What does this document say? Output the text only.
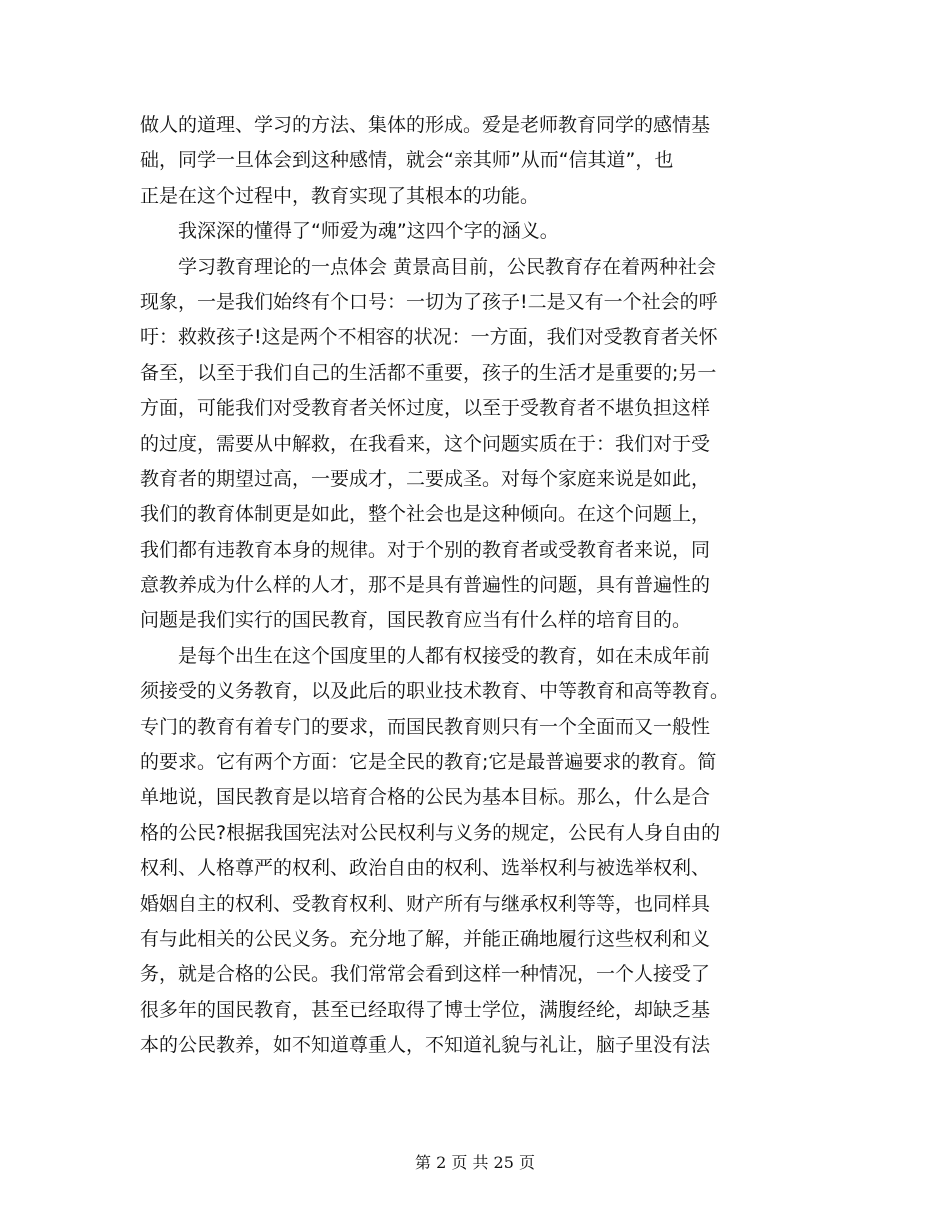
做人的道理、学习的方法、集体的形成。爱是老师教育同学的感情基
础，同学一旦体会到这种感情，就会“亲其师”从而“信其道”，也
正是在这个过程中，教育实现了其根本的功能。
　　我深深的懂得了“师爱为魂”这四个字的涵义。
　　学习教育理论的一点体会 黄景高目前，公民教育存在着两种社会
现象，一是我们始终有个口号：一切为了孩子!二是又有一个社会的呼
吁：救救孩子!这是两个不相容的状况：一方面，我们对受教育者关怀
备至，以至于我们自己的生活都不重要，孩子的生活才是重要的;另一
方面，可能我们对受教育者关怀过度，以至于受教育者不堪负担这样
的过度，需要从中解救，在我看来，这个问题实质在于：我们对于受
教育者的期望过高，一要成才，二要成圣。对每个家庭来说是如此，
我们的教育体制更是如此，整个社会也是这种倾向。在这个问题上，
我们都有违教育本身的规律。对于个别的教育者或受教育者来说，同
意教养成为什么样的人才，那不是具有普遍性的问题，具有普遍性的
问题是我们实行的国民教育，国民教育应当有什么样的培育目的。
　　是每个出生在这个国度里的人都有权接受的教育，如在未成年前
须接受的义务教育，以及此后的职业技术教育、中等教育和高等教育。
专门的教育有着专门的要求，而国民教育则只有一个全面而又一般性
的要求。它有两个方面：它是全民的教育;它是最普遍要求的教育。简
单地说，国民教育是以培育合格的公民为基本目标。那么，什么是合
格的公民?根据我国宪法对公民权利与义务的规定，公民有人身自由的
权利、人格尊严的权利、政治自由的权利、选举权利与被选举权利、
婚姻自主的权利、受教育权利、财产所有与继承权利等等，也同样具
有与此相关的公民义务。充分地了解，并能正确地履行这些权利和义
务，就是合格的公民。我们常常会看到这样一种情况，一个人接受了
很多年的国民教育，甚至已经取得了博士学位，满腹经纶，却缺乏基
本的公民教养，如不知道尊重人，不知道礼貌与礼让，脑子里没有法
第 2 页 共 25 页
